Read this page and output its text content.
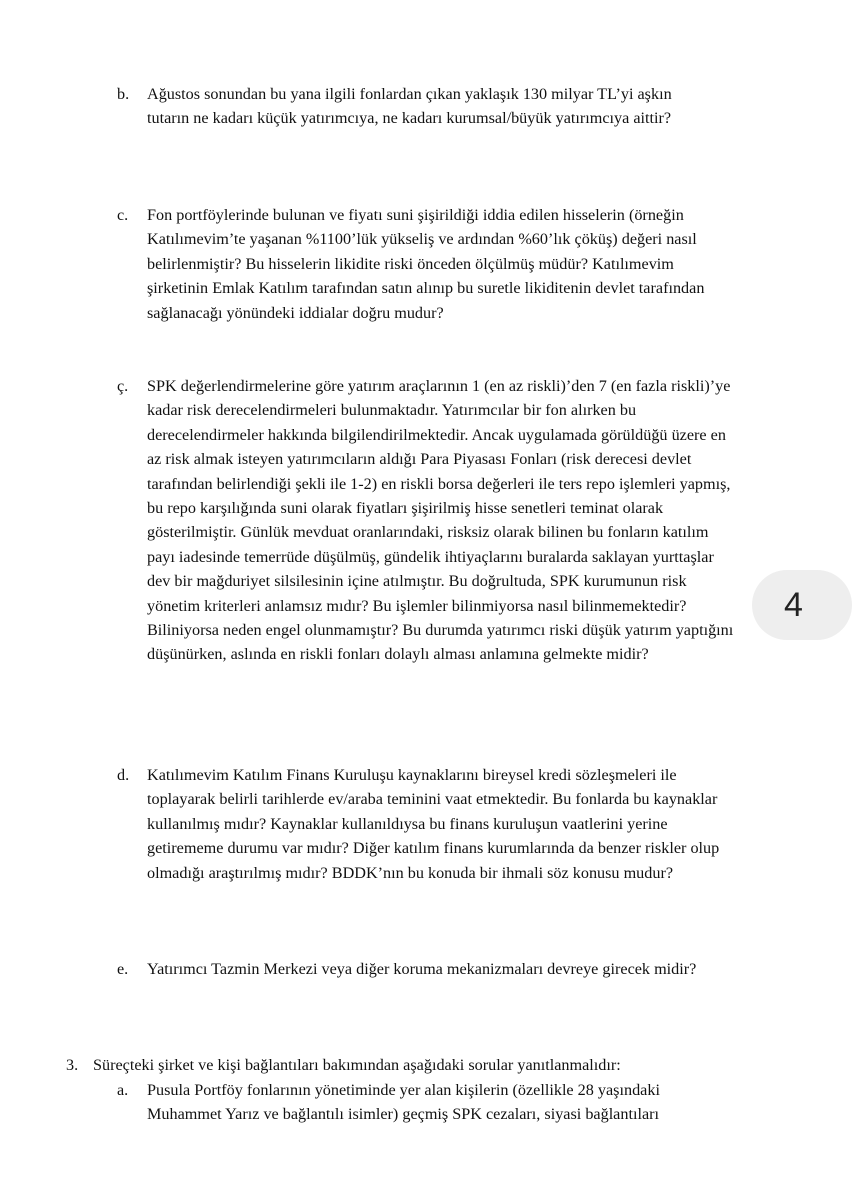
b. Ağustos sonundan bu yana ilgili fonlardan çıkan yaklaşık 130 milyar TL’yi aşkın tutarın ne kadarı küçük yatırımcıya, ne kadarı kurumsal/büyük yatırımcıya aittir?
c. Fon portföylerinde bulunan ve fiyatı suni şişirildiği iddia edilen hisselerin (örneğin Katılımevim’te yaşanan %1100’lük yükseliş ve ardından %60’lık çöküş) değeri nasıl belirlenmiştir? Bu hisselerin likidite riski önceden ölçülmüş müdür? Katılımevim şirketinin Emlak Katılım tarafından satın alınıp bu suretle likiditenin devlet tarafından sağlanacağı yönündeki iddialar doğru mudur?
ç. SPK değerlendirmelerine göre yatırım araçlarının 1 (en az riskli)’den 7 (en fazla riskli)’ye kadar risk derecelendirmeleri bulunmaktadır. Yatırımcılar bir fon alırken bu derecelendirmeler hakkında bilgilendirilmektedir. Ancak uygulamada görüldüğü üzere en az risk almak isteyen yatırımcıların aldığı Para Piyasası Fonları (risk derecesi devlet tarafından belirlendiği şekli ile 1-2) en riskli borsa değerleri ile ters repo işlemleri yapmış, bu repo karşılığında suni olarak fiyatları şişirilmiş hisse senetleri teminat olarak gösterilmiştir. Günlük mevduat oranlarındaki, risksiz olarak bilinen bu fonların katılım payı iadesinde temerrüde düşülmüş, gündelik ihtiyaçlarını buralarda saklayan yurttaşlar dev bir mağduriyet silsilesinin içine atılmıştır. Bu doğrultuda, SPK kurumunun risk yönetim kriterleri anlamsız mıdır? Bu işlemler bilinmiyorsa nasıl bilinmemektedir? Biliniyorsa neden engel olunmamıştır? Bu durumda yatırımcı riski düşük yatırım yaptığını düşünürken, aslında en riskli fonları dolaylı alması anlamına gelmekte midir?
d. Katılımevim Katılım Finans Kuruluşu kaynaklarını bireysel kredi sözleşmeleri ile toplayarak belirli tarihlerde ev/araba teminini vaat etmektedir. Bu fonlarda bu kaynaklar kullanılmış mıdır? Kaynaklar kullanıldıysa bu finans kuruluşun vaatlerini yerine getirememe durumu var mıdır? Diğer katılım finans kurumlarında da benzer riskler olup olmadığı araştırılmış mıdır? BDDK’nın bu konuda bir ihmali söz konusu mudur?
e. Yatırımcı Tazmin Merkezi veya diğer koruma mekanizmaları devreye girecek midir?
3. Süreçteki şirket ve kişi bağlantıları bakımından aşağıdaki sorular yanıtlanmalıdır:
a. Pusula Portföy fonlarının yönetiminde yer alan kişilerin (özellikle 28 yaşındaki Muhammet Yarız ve bağlantılı isimler) geçmiş SPK cezaları, siyasi bağlantıları
4
